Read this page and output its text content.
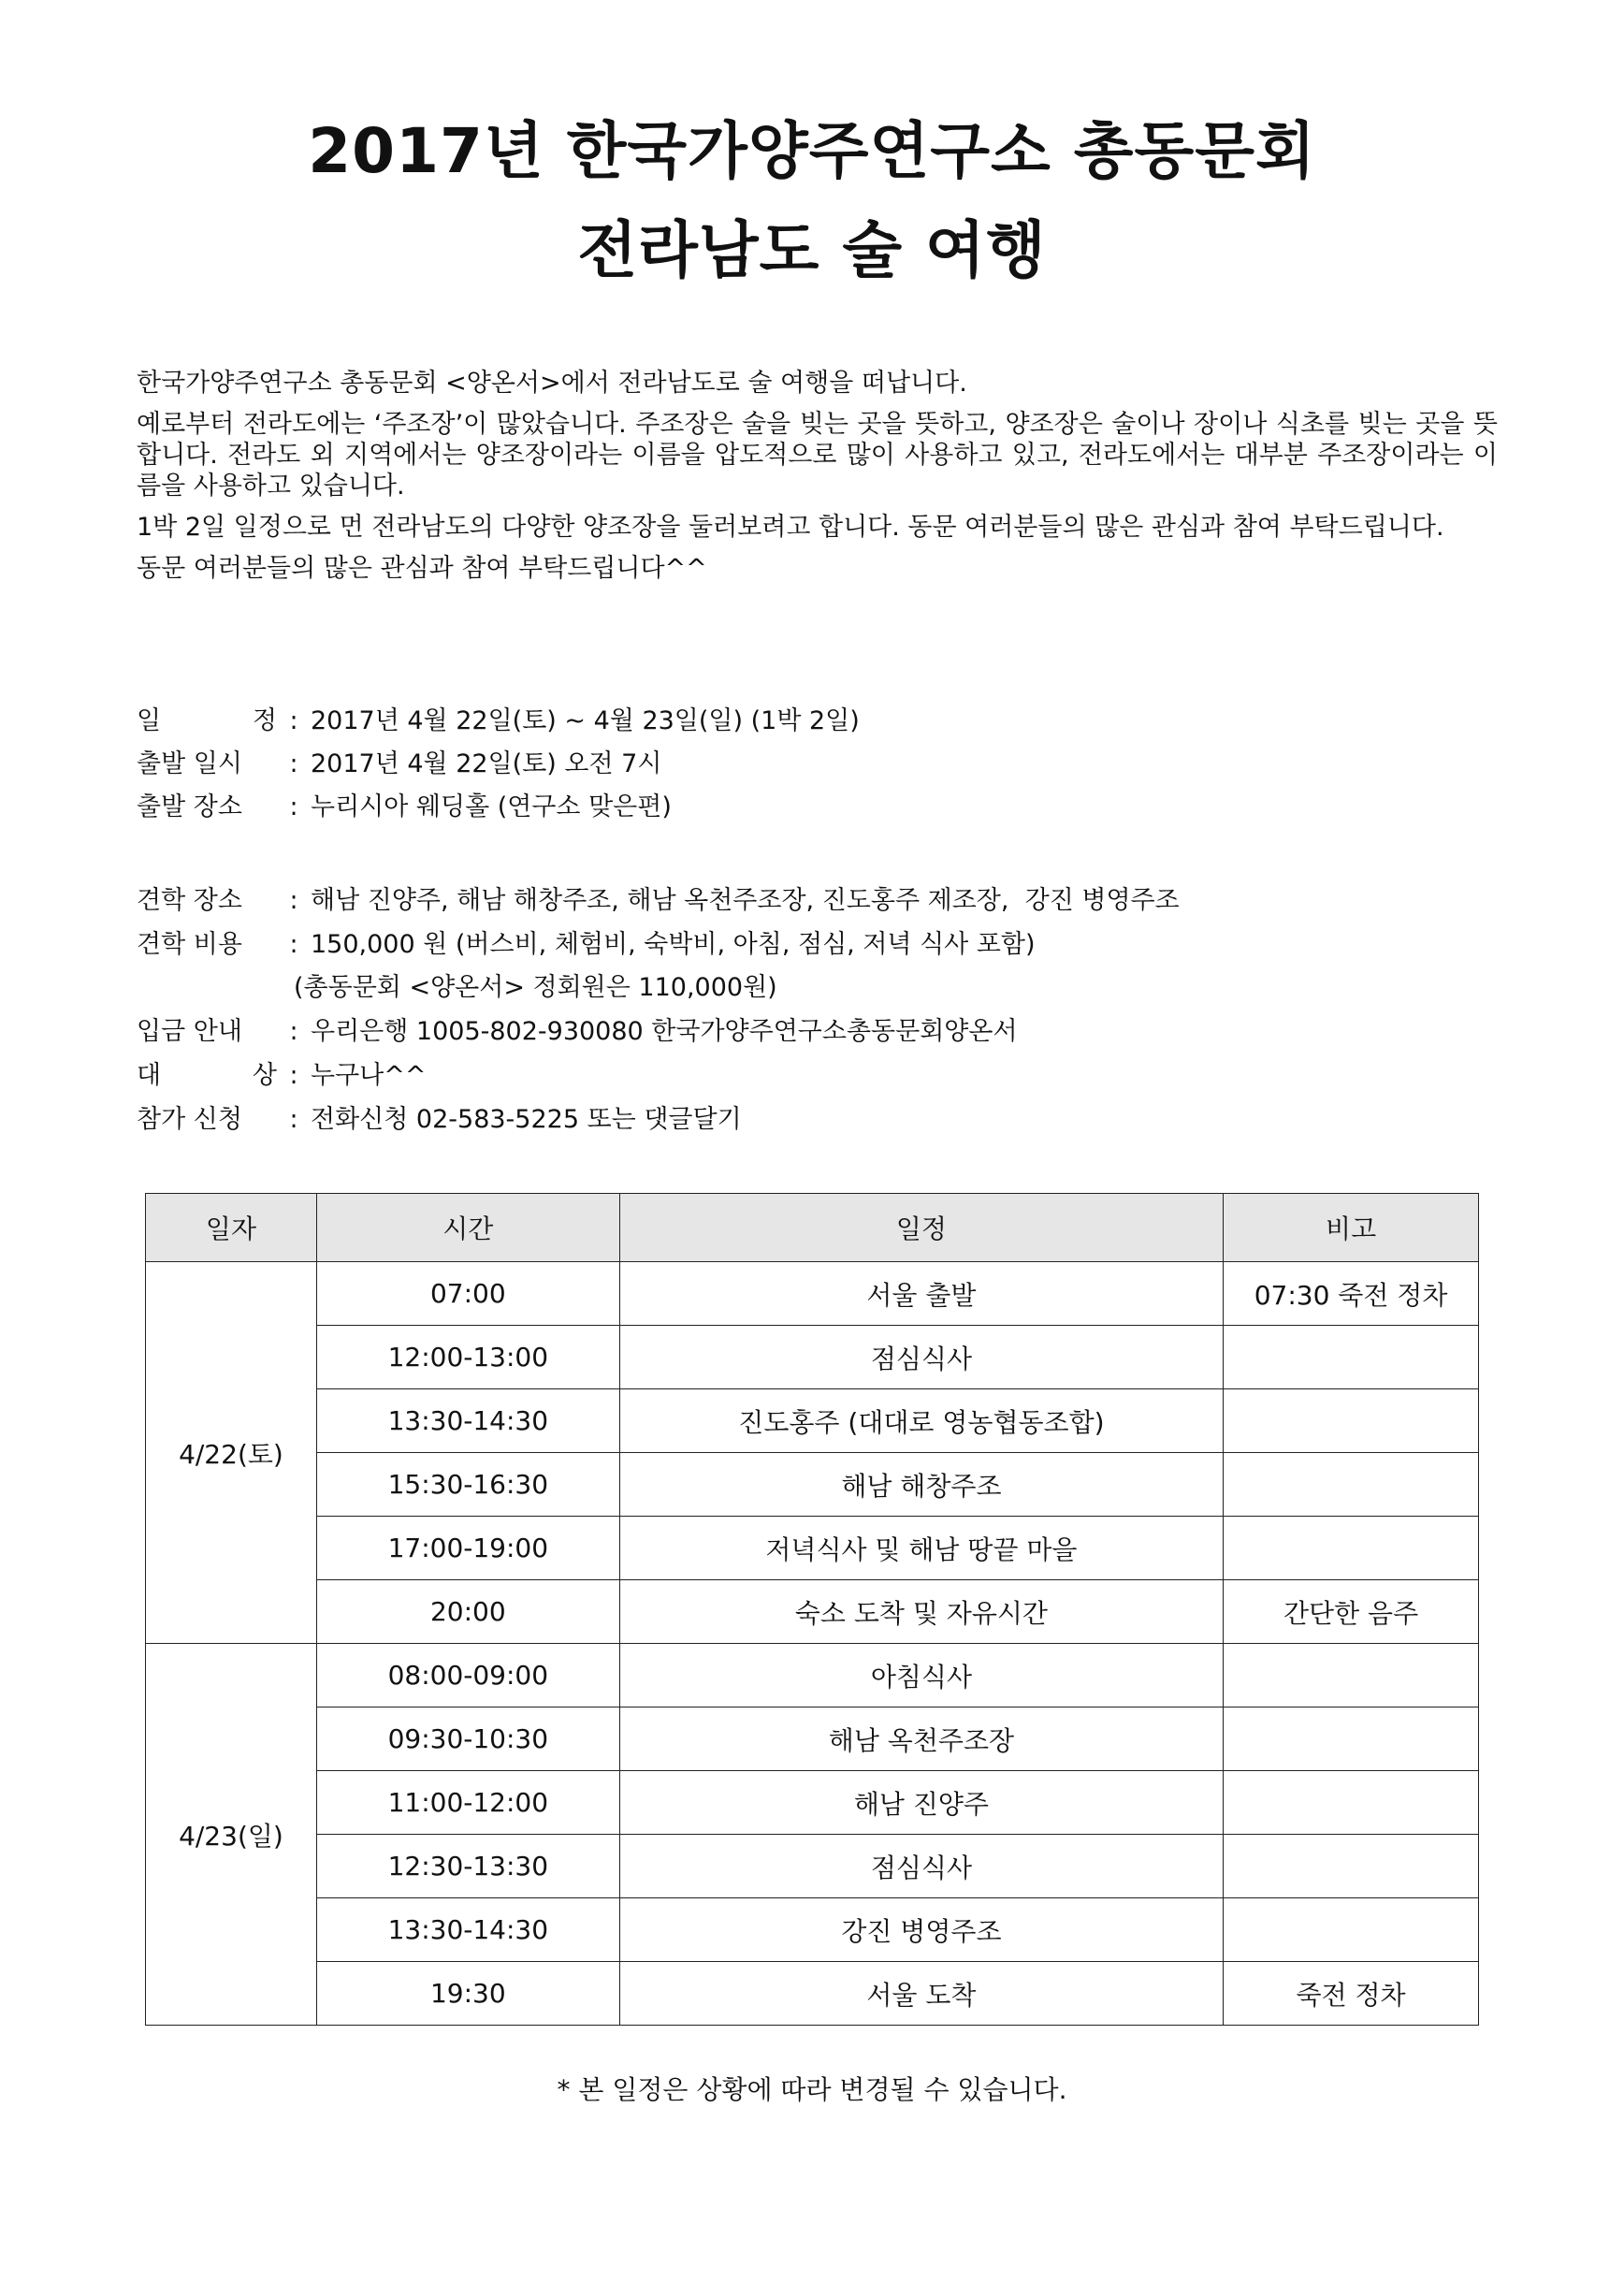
2017년 한국가양주연구소 총동문회
전라남도 술 여행

한국가양주연구소 총동문회 <양온서>에서 전라남도로 술 여행을 떠납니다.

예로부터 전라도에는 ‘주조장’이 많았습니다. 주조장은 술을 빚는 곳을 뜻하고, 양조장은 술이나 장이나 식초를 빚는 곳을 뜻합니다. 전라도 외 지역에서는 양조장이라는 이름을 압도적으로 많이 사용하고 있고, 전라도에서는 대부분 주조장이라는 이름을 사용하고 있습니다.

1박 2일 일정으로 먼 전라남도의 다양한 양조장을 둘러보려고 합니다. 동문 여러분들의 많은 관심과 참여 부탁드립니다.

동문 여러분들의 많은 관심과 참여 부탁드립니다^^

일	정 : 2017년 4월 22일(토) ~ 4월 23일(일) (1박 2일)
출발 일시 : 2017년 4월 22일(토) 오전 7시
출발 장소 : 누리시아 웨딩홀 (연구소 맞은편)
견학 장소 : 해남 진양주, 해남 해창주조, 해남 옥천주조장, 진도홍주 제조장,  강진 병영주조
견학 비용 : 150,000 원 (버스비, 체험비, 숙박비, 아침, 점심, 저녁 식사 포함)
(총동문회 <양온서> 정회원은 110,000원)
입금 안내 : 우리은행 1005-802-930080 한국가양주연구소총동문회양온서
대	상 : 누구나^^
참가 신청 : 전화신청 02-583-5225 또는 댓글달기
일자	시간	일정	비고
4/22(토)	07:00	서울 출발	07:30 죽전 정차
	12:00-13:00	점심식사	
	13:30-14:30	진도홍주 (대대로 영농협동조합)	
	15:30-16:30	해남 해창주조	
	17:00-19:00	저녁식사 및 해남 땅끝 마을	
	20:00	숙소 도착 및 자유시간	간단한 음주
4/23(일)	08:00-09:00	아침식사	
	09:30-10:30	해남 옥천주조장	
	11:00-12:00	해남 진양주	
	12:30-13:30	점심식사	
	13:30-14:30	강진 병영주조	
	19:30	서울 도착	죽전 정차
* 본 일정은 상황에 따라 변경될 수 있습니다.
